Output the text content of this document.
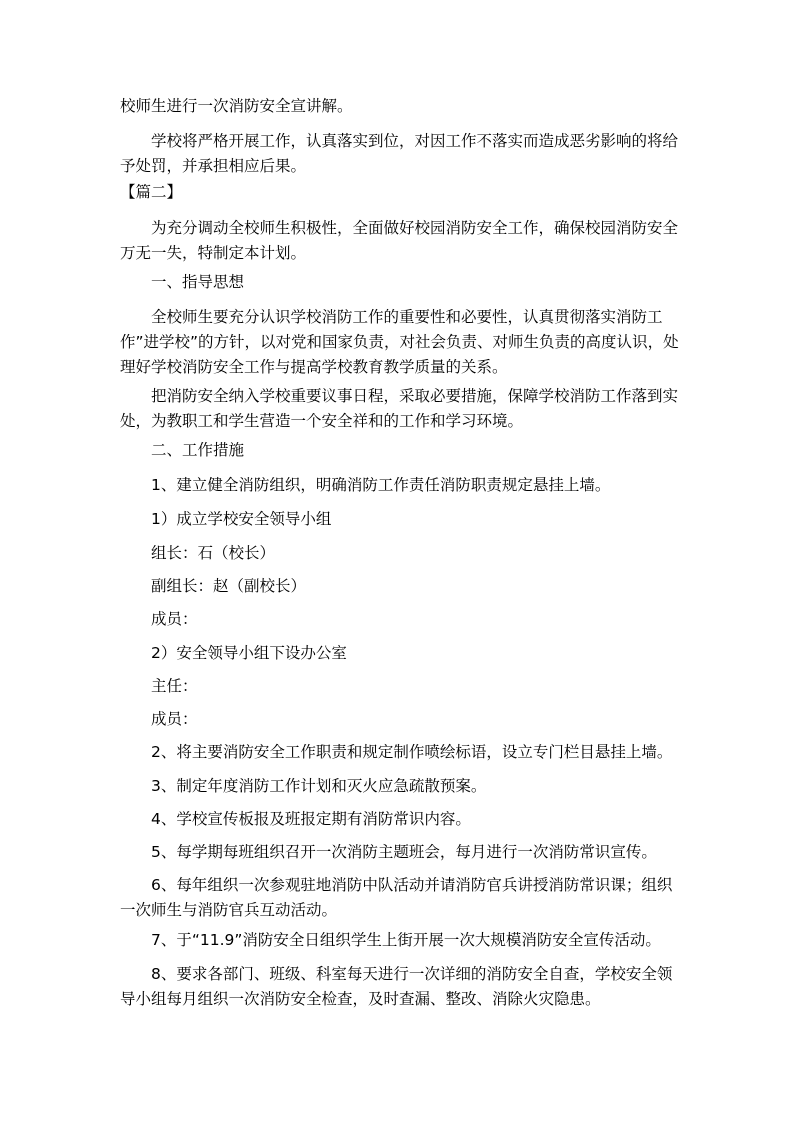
校师生进行一次消防安全宣讲解。

学校将严格开展工作，认真落实到位，对因工作不落实而造成恶劣影响的将给予处罚，并承担相应后果。

【篇二】

为充分调动全校师生积极性，全面做好校园消防安全工作，确保校园消防安全万无一失，特制定本计划。

一、指导思想

全校师生要充分认识学校消防工作的重要性和必要性，认真贯彻落实消防工作”进学校”的方针，以对党和国家负责，对社会负责、对师生负责的高度认识，处理好学校消防安全工作与提高学校教育教学质量的关系。

把消防安全纳入学校重要议事日程，采取必要措施，保障学校消防工作落到实处，为教职工和学生营造一个安全祥和的工作和学习环境。

二、工作措施

1、建立健全消防组织，明确消防工作责任消防职责规定悬挂上墙。

1）成立学校安全领导小组

组长：石（校长）

副组长：赵（副校长）

成员：

2）安全领导小组下设办公室

主任：

成员：

2、将主要消防安全工作职责和规定制作喷绘标语，设立专门栏目悬挂上墙。

3、制定年度消防工作计划和灭火应急疏散预案。

4、学校宣传板报及班报定期有消防常识内容。

5、每学期每班组织召开一次消防主题班会，每月进行一次消防常识宣传。

6、每年组织一次参观驻地消防中队活动并请消防官兵讲授消防常识课；组织一次师生与消防官兵互动活动。

7、于“11.9”消防安全日组织学生上街开展一次大规模消防安全宣传活动。

8、要求各部门、班级、科室每天进行一次详细的消防安全自查，学校安全领导小组每月组织一次消防安全检查，及时查漏、整改、消除火灾隐患。
